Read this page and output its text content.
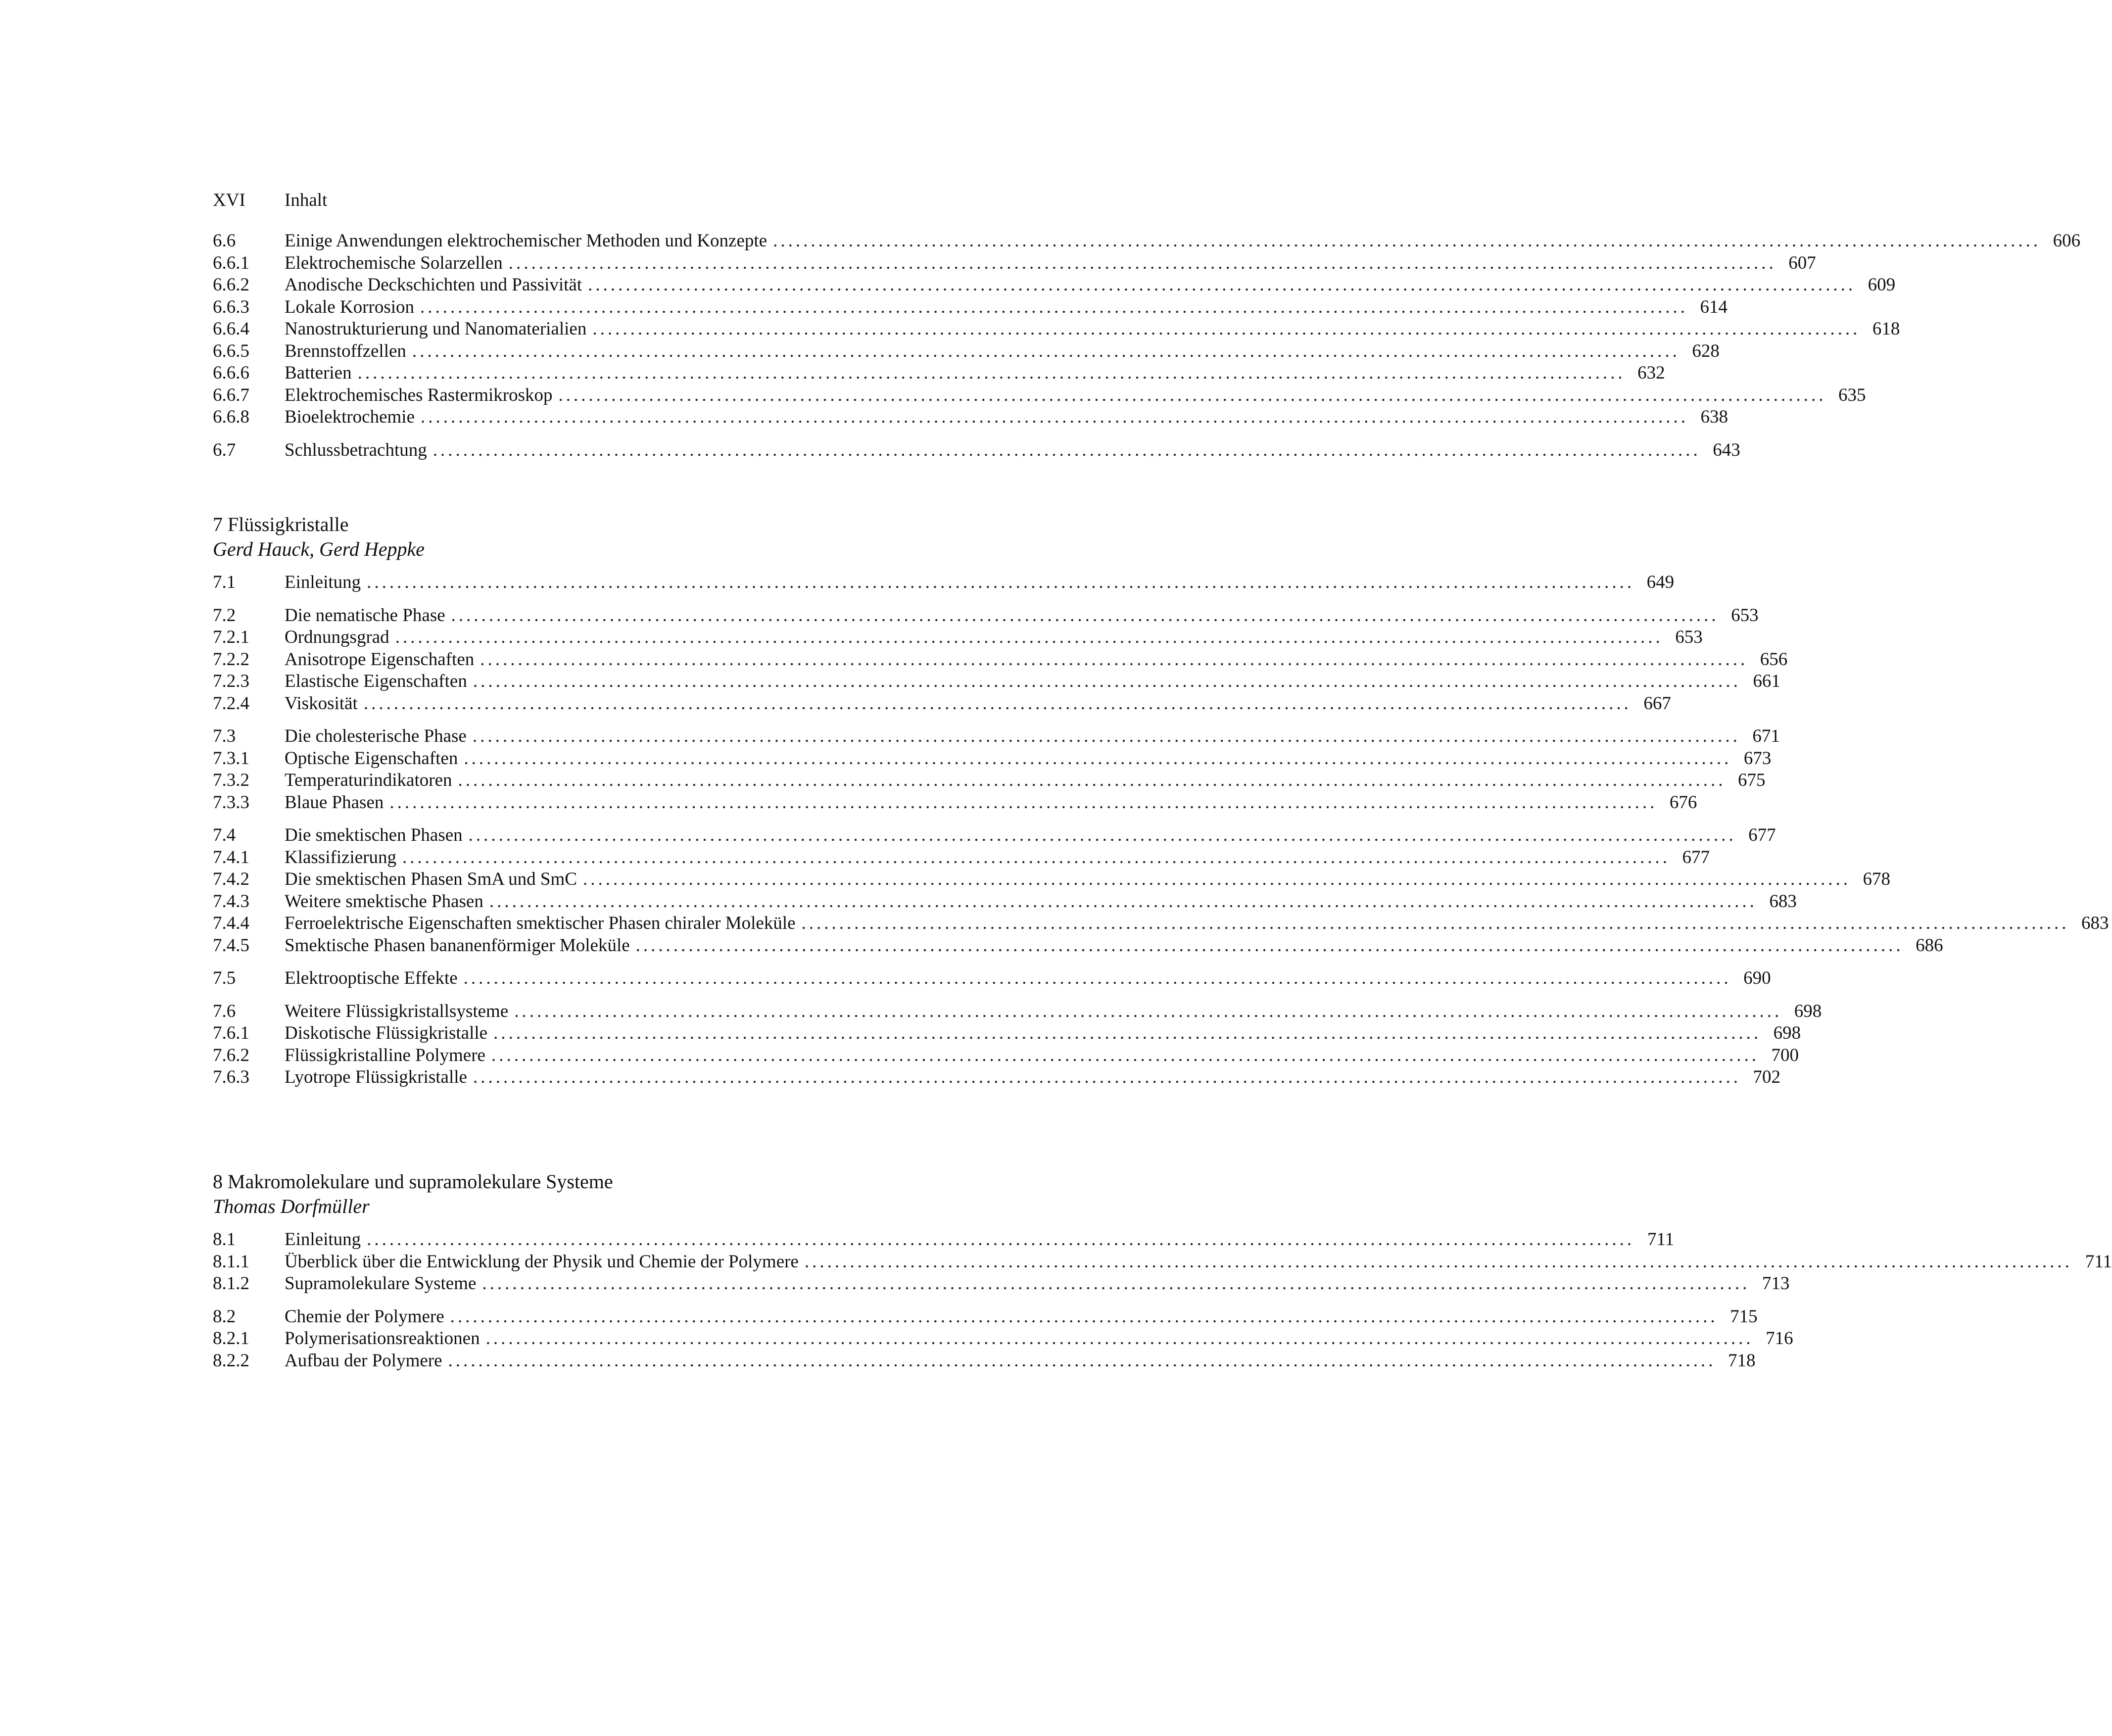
XVI	Inhalt
6.6	Einige Anwendungen elektrochemischer Methoden und Konzepte ........................................................................................................................................................................ 606
6.6.1	Elektrochemische Solarzellen ........................................................................................................................................................................ 607
6.6.2	Anodische Deckschichten und Passivität ........................................................................................................................................................................ 609
6.6.3	Lokale Korrosion ........................................................................................................................................................................ 614
6.6.4	Nanostrukturierung und Nanomaterialien ........................................................................................................................................................................ 618
6.6.5	Brennstoffzellen ........................................................................................................................................................................ 628
6.6.6	Batterien ........................................................................................................................................................................ 632
6.6.7	Elektrochemisches Rastermikroskop ........................................................................................................................................................................ 635
6.6.8	Bioelektrochemie ........................................................................................................................................................................ 638
6.7	Schlussbetrachtung ........................................................................................................................................................................ 643
7 Flüssigkristalle
Gerd Hauck, Gerd Heppke
7.1	Einleitung ........................................................................................................................................................................ 649
7.2	Die nematische Phase ........................................................................................................................................................................ 653
7.2.1	Ordnungsgrad ........................................................................................................................................................................ 653
7.2.2	Anisotrope Eigenschaften ........................................................................................................................................................................ 656
7.2.3	Elastische Eigenschaften ........................................................................................................................................................................ 661
7.2.4	Viskosität ........................................................................................................................................................................ 667
7.3	Die cholesterische Phase ........................................................................................................................................................................ 671
7.3.1	Optische Eigenschaften ........................................................................................................................................................................ 673
7.3.2	Temperaturindikatoren ........................................................................................................................................................................ 675
7.3.3	Blaue Phasen ........................................................................................................................................................................ 676
7.4	Die smektischen Phasen ........................................................................................................................................................................ 677
7.4.1	Klassifizierung ........................................................................................................................................................................ 677
7.4.2	Die smektischen Phasen SmA und SmC ........................................................................................................................................................................ 678
7.4.3	Weitere smektische Phasen ........................................................................................................................................................................ 683
7.4.4	Ferroelektrische Eigenschaften smektischer Phasen chiraler Moleküle ........................................................................................................................................................................ 683
7.4.5	Smektische Phasen bananenförmiger Moleküle ........................................................................................................................................................................ 686
7.5	Elektrooptische Effekte ........................................................................................................................................................................ 690
7.6	Weitere Flüssigkristallsysteme ........................................................................................................................................................................ 698
7.6.1	Diskotische Flüssigkristalle ........................................................................................................................................................................ 698
7.6.2	Flüssigkristalline Polymere ........................................................................................................................................................................ 700
7.6.3	Lyotrope Flüssigkristalle ........................................................................................................................................................................ 702
8 Makromolekulare und supramolekulare Systeme
Thomas Dorfmüller
8.1	Einleitung ........................................................................................................................................................................ 711
8.1.1	Überblick über die Entwicklung der Physik und Chemie der Polymere ........................................................................................................................................................................ 711
8.1.2	Supramolekulare Systeme ........................................................................................................................................................................ 713
8.2	Chemie der Polymere ........................................................................................................................................................................ 715
8.2.1	Polymerisationsreaktionen ........................................................................................................................................................................ 716
8.2.2	Aufbau der Polymere ........................................................................................................................................................................ 718
